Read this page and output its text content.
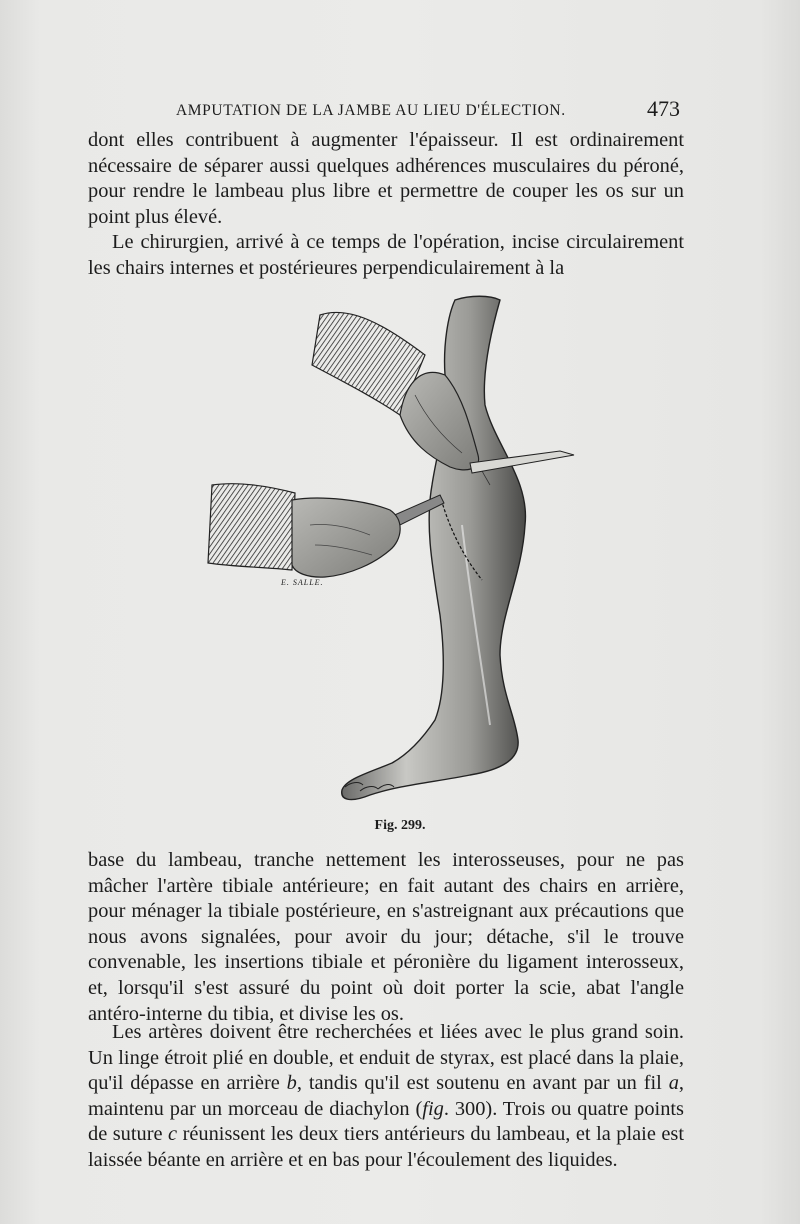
AMPUTATION DE LA JAMBE AU LIEU D'ÉLECTION.	473

dont elles contribuent à augmenter l'épaisseur. Il est ordinairement nécessaire de séparer aussi quelques adhérences musculaires du péroné, pour rendre le lambeau plus libre et permettre de couper les os sur un point plus élevé.

Le chirurgien, arrivé à ce temps de l'opération, incise circulairement les chairs internes et postérieures perpendiculairement à la

E. SALLE.
Fig. 299.

base du lambeau, tranche nettement les interosseuses, pour ne pas mâcher l'artère tibiale antérieure; en fait autant des chairs en arrière, pour ménager la tibiale postérieure, en s'astreignant aux précautions que nous avons signalées, pour avoir du jour; détache, s'il le trouve convenable, les insertions tibiale et péronière du ligament interosseux, et, lorsqu'il s'est assuré du point où doit porter la scie, abat l'angle antéro-interne du tibia, et divise les os.

Les artères doivent être recherchées et liées avec le plus grand soin. Un linge étroit plié en double, et enduit de styrax, est placé dans la plaie, qu'il dépasse en arrière b, tandis qu'il est soutenu en avant par un fil a, maintenu par un morceau de diachylon (fig. 300). Trois ou quatre points de suture c réunissent les deux tiers antérieurs du lambeau, et la plaie est laissée béante en arrière et en bas pour l'écoulement des liquides.
